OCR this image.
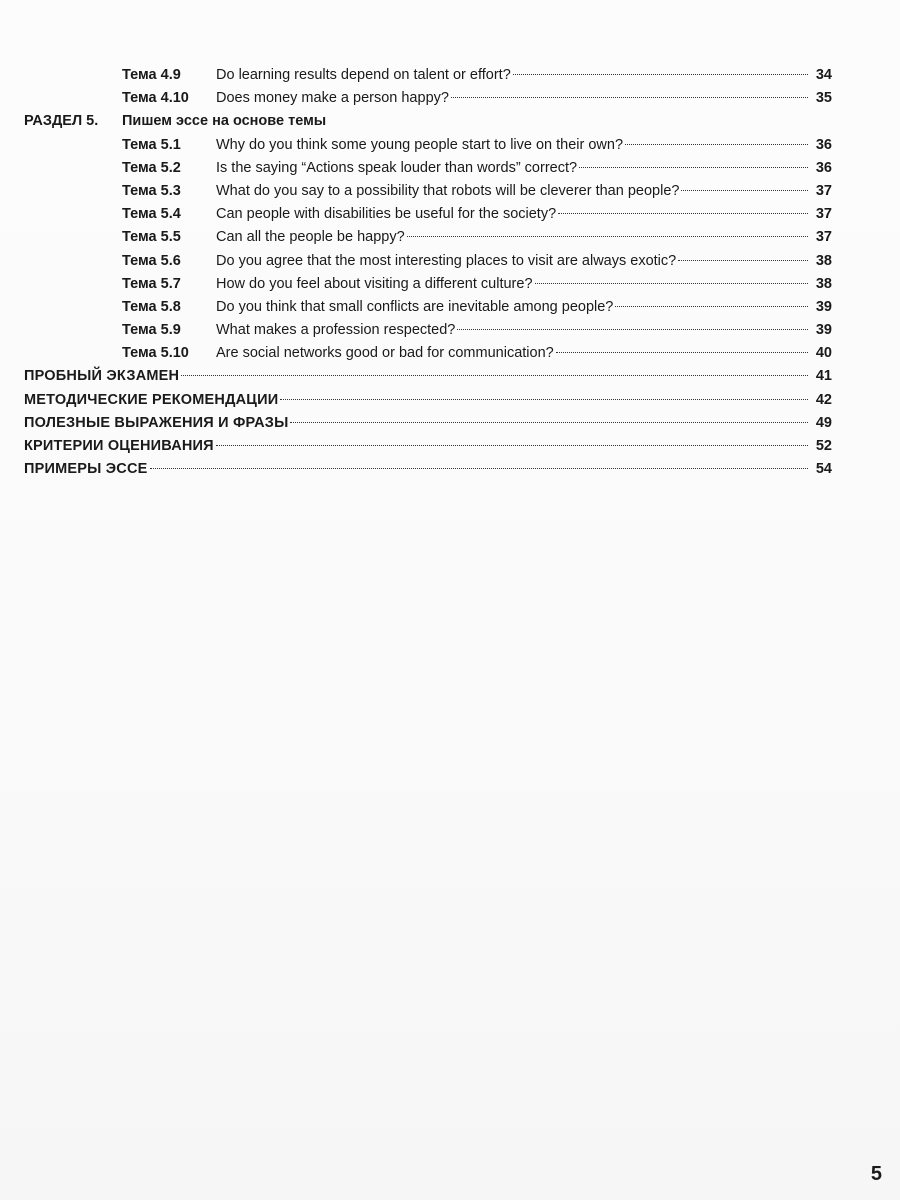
Тема 4.9	Do learning results depend on talent or effort?	34
Тема 4.10	Does money make a person happy?	35
РАЗДЕЛ 5.	Пишем эссе на основе темы
Тема 5.1	Why do you think some young people start to live on their own?	36
Тема 5.2	Is the saying “Actions speak louder than words” correct?	36
Тема 5.3	What do you say to a possibility that robots will be cleverer than people?	37
Тема 5.4	Can people with disabilities be useful for the society?	37
Тема 5.5	Can all the people be happy?	37
Тема 5.6	Do you agree that the most interesting places to visit are always exotic?	38
Тема 5.7	How do you feel about visiting a different culture?	38
Тема 5.8	Do you think that small conflicts are inevitable among people?	39
Тема 5.9	What makes a profession respected?	39
Тема 5.10	Are social networks good or bad for communication?	40
ПРОБНЫЙ ЭКЗАМЕН	41
МЕТОДИЧЕСКИЕ РЕКОМЕНДАЦИИ	42
ПОЛЕЗНЫЕ ВЫРАЖЕНИЯ И ФРАЗЫ	49
КРИТЕРИИ ОЦЕНИВАНИЯ	52
ПРИМЕРЫ ЭССЕ	54
5
